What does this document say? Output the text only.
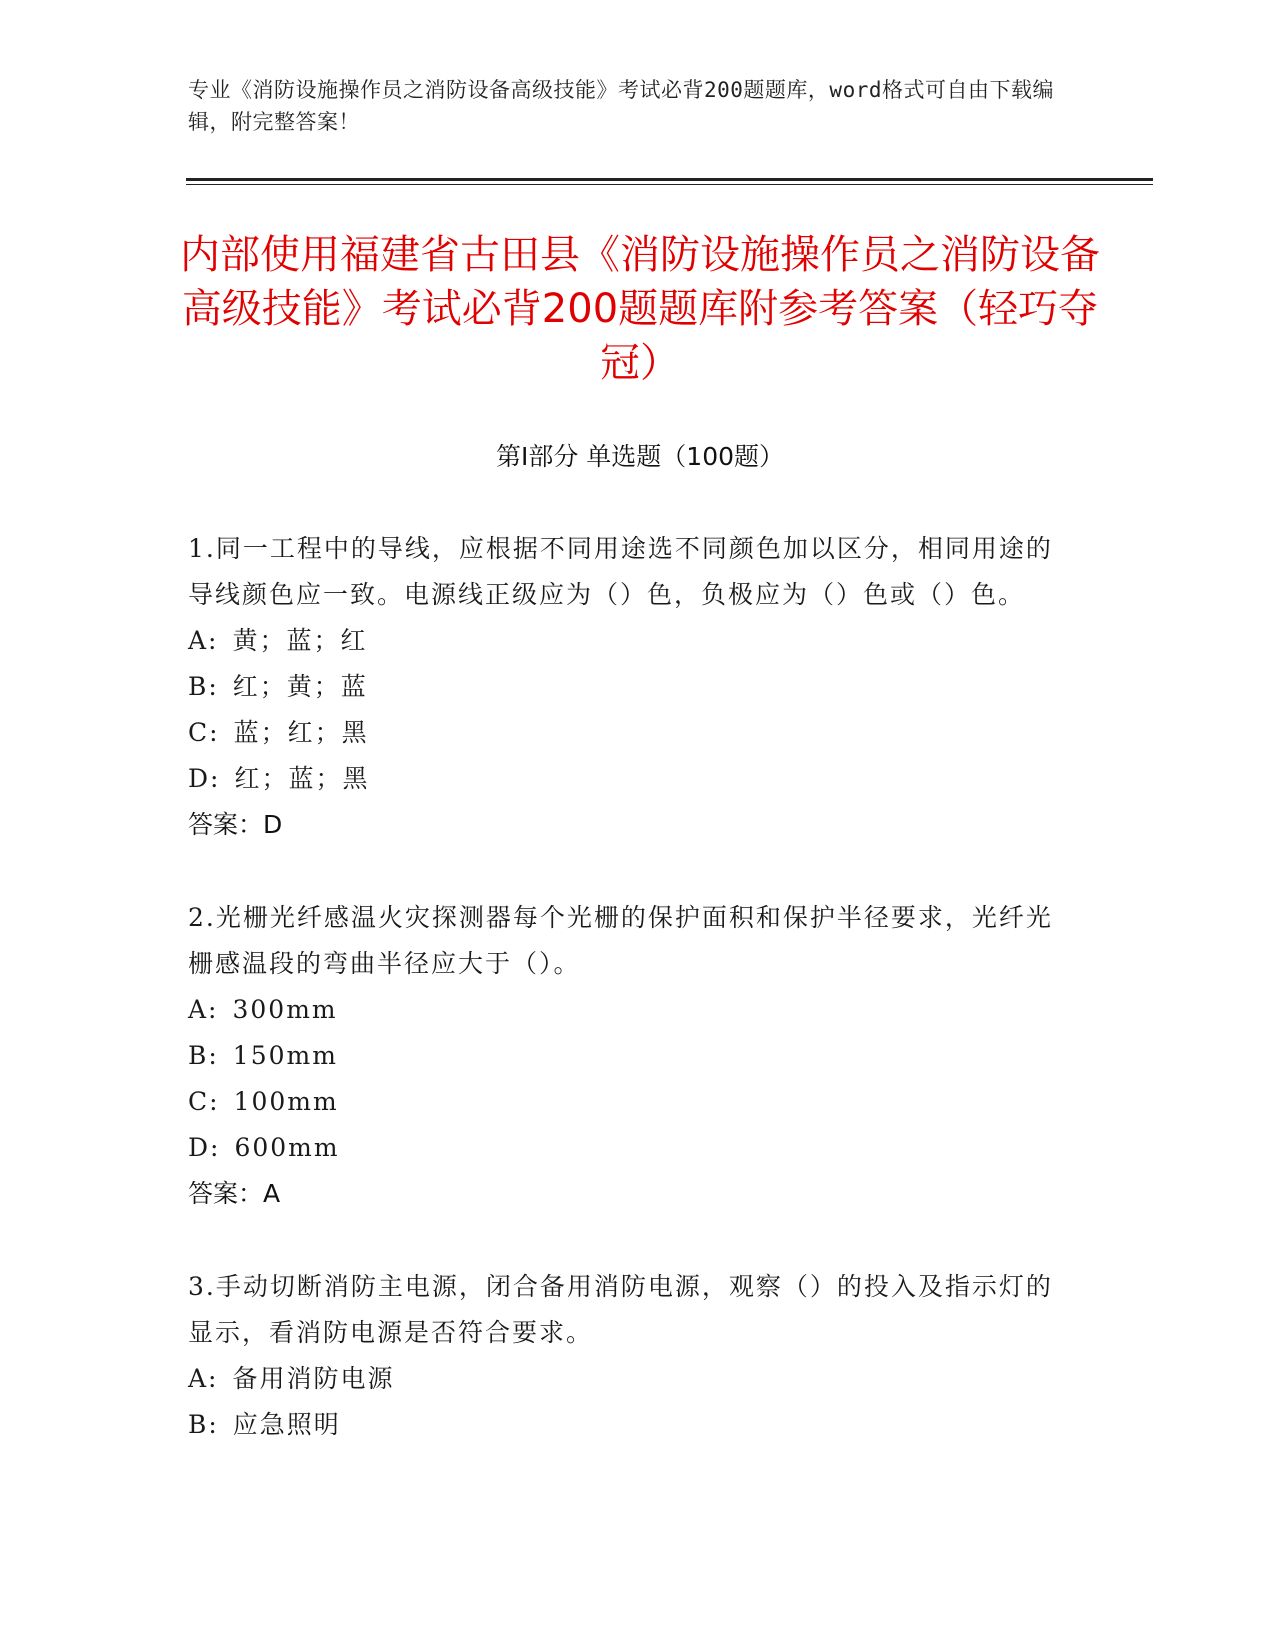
专业《消防设施操作员之消防设备高级技能》考试必背200题题库，word格式可自由下载编辑，附完整答案！
内部使用福建省古田县《消防设施操作员之消防设备高级技能》考试必背200题题库附参考答案（轻巧夺冠）
第I部分 单选题（100题）
1.同一工程中的导线，应根据不同用途选不同颜色加以区分，相同用途的导线颜色应一致。电源线正级应为（）色，负极应为（）色或（）色。
A: 黄；蓝；红
B: 红；黄；蓝
C: 蓝；红；黑
D: 红；蓝；黑
答案：D
2.光栅光纤感温火灾探测器每个光栅的保护面积和保护半径要求，光纤光栅感温段的弯曲半径应大于（）。
A: 300mm
B: 150mm
C: 100mm
D: 600mm
答案：A
3.手动切断消防主电源，闭合备用消防电源，观察（）的投入及指示灯的显示，看消防电源是否符合要求。
A: 备用消防电源
B: 应急照明
